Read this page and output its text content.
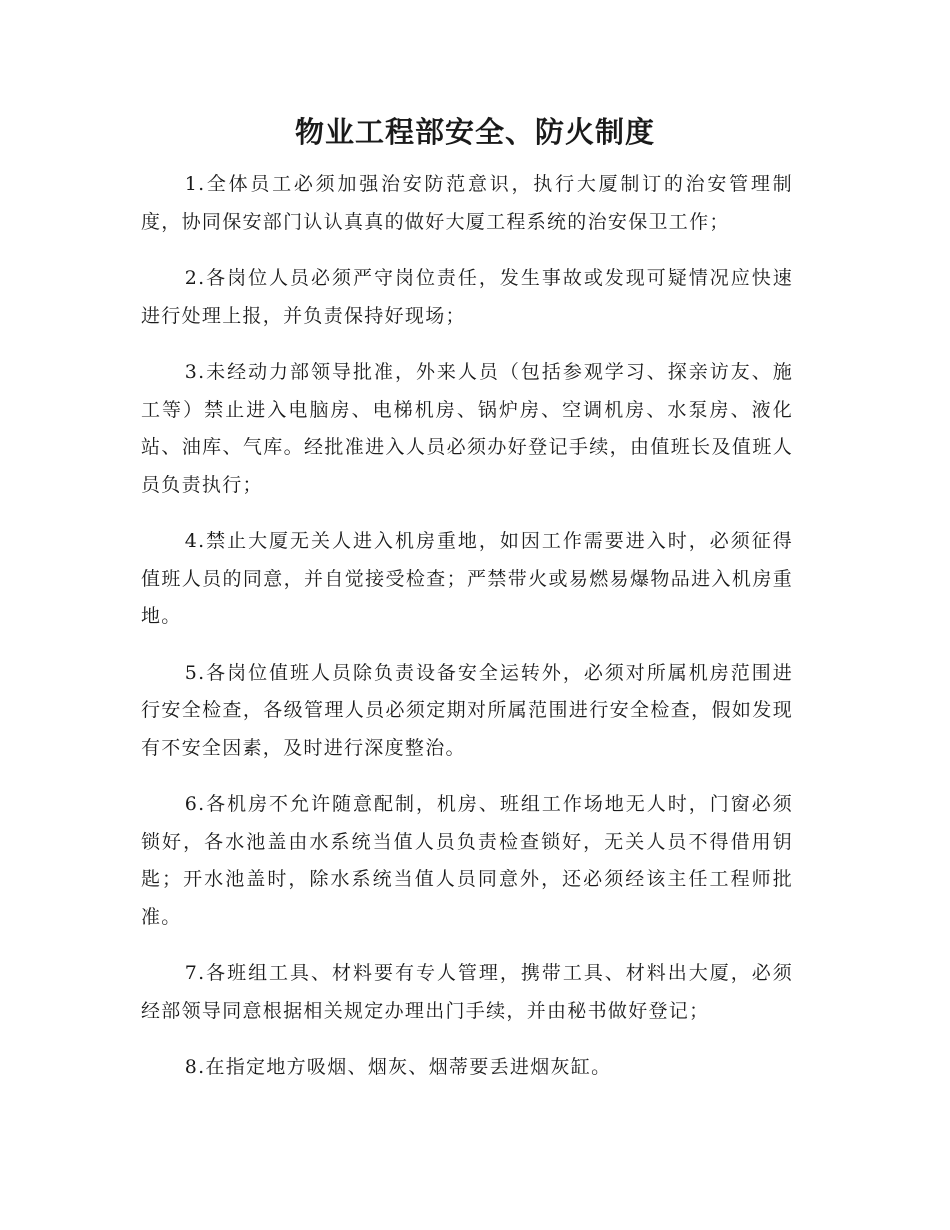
物业工程部安全、防火制度

1.全体员工必须加强治安防范意识，执行大厦制订的治安管理制度，协同保安部门认认真真的做好大厦工程系统的治安保卫工作；

2.各岗位人员必须严守岗位责任，发生事故或发现可疑情况应快速进行处理上报，并负责保持好现场；

3.未经动力部领导批准，外来人员（包括参观学习、探亲访友、施工等）禁止进入电脑房、电梯机房、锅炉房、空调机房、水泵房、液化站、油库、气库。经批准进入人员必须办好登记手续，由值班长及值班人员负责执行；

4.禁止大厦无关人进入机房重地，如因工作需要进入时，必须征得值班人员的同意，并自觉接受检查；严禁带火或易燃易爆物品进入机房重地。

5.各岗位值班人员除负责设备安全运转外，必须对所属机房范围进行安全检查，各级管理人员必须定期对所属范围进行安全检查，假如发现有不安全因素，及时进行深度整治。

6.各机房不允许随意配制，机房、班组工作场地无人时，门窗必须锁好，各水池盖由水系统当值人员负责检查锁好，无关人员不得借用钥匙；开水池盖时，除水系统当值人员同意外，还必须经该主任工程师批准。

7.各班组工具、材料要有专人管理，携带工具、材料出大厦，必须经部领导同意根据相关规定办理出门手续，并由秘书做好登记；

8.在指定地方吸烟、烟灰、烟蒂要丢进烟灰缸。
